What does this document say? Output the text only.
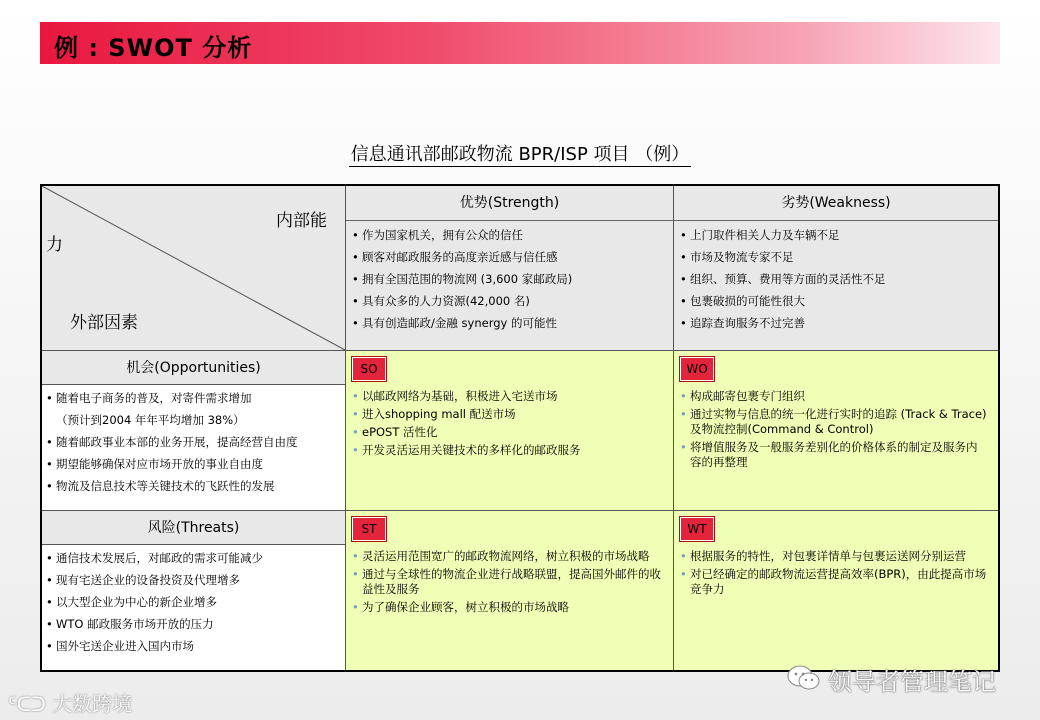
例 : SWOT 分析
信息通讯部邮政物流 BPR/ISP 项目 （例）
内部能
力
外部因素
优势(Strength)
• 作为国家机关，拥有公众的信任
• 顾客对邮政服务的高度亲近感与信任感
• 拥有全国范围的物流网 (3,600 家邮政局)
• 具有众多的人力资源(42,000 名)
• 具有创造邮政/金融 synergy 的可能性
劣势(Weakness)
• 上门取件相关人力及车辆不足
• 市场及物流专家不足
• 组织、预算、费用等方面的灵活性不足
• 包裹破损的可能性很大
• 追踪查询服务不过完善
机会(Opportunities)
• 随着电子商务的普及，对寄件需求增加
（预计到2004 年年平均增加 38%）
• 随着邮政事业本部的业务开展，提高经营自由度
• 期望能够确保对应市场开放的事业自由度
• 物流及信息技术等关键技术的飞跃性的发展
SO
• 以邮政网络为基础，积极进入宅送市场
• 进入shopping mall 配送市场
• ePOST 活性化
• 开发灵活运用关键技术的多样化的邮政服务
WO
• 构成邮寄包裹专门组织
• 通过实物与信息的统一化进行实时的追踪 (Track & Trace) 及物流控制(Command & Control)
• 将增值服务及一般服务差别化的价格体系的制定及服务内容的再整理
风险(Threats)
• 通信技术发展后，对邮政的需求可能减少
• 现有宅送企业的设备投资及代理增多
• 以大型企业为中心的新企业增多
• WTO 邮政服务市场开放的压力
• 国外宅送企业进入国内市场
ST
• 灵活运用范围宽广的邮政物流网络，树立积极的市场战略
• 通过与全球性的物流企业进行战略联盟，提高国外邮件的收益性及服务
• 为了确保企业顾客，树立积极的市场战略
WT
• 根据服务的特性，对包裹详情单与包裹运送网分别运营
• 对已经确定的邮政物流运营提高效率(BPR)，由此提高市场竞争力
ᑦᑕᑐ 大数跨境
领导者管理笔记
